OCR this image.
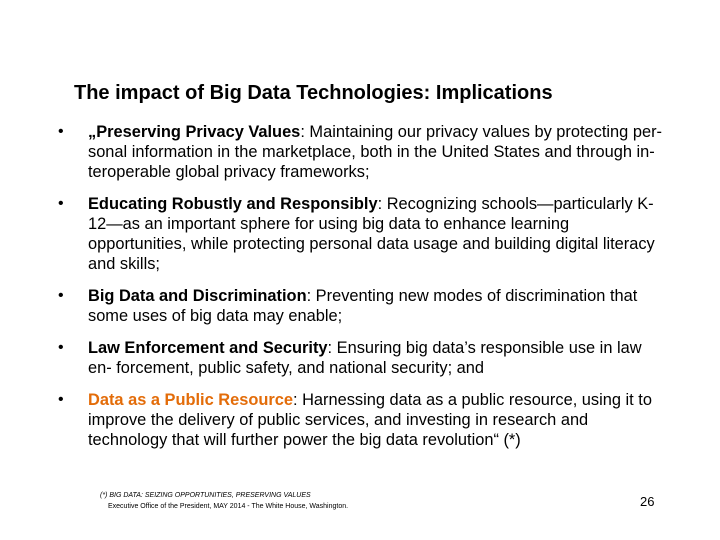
The impact of Big Data Technologies: Implications
• „Preserving Privacy Values: Maintaining our privacy values by protecting per- sonal information in the marketplace, both in the United States and through in- teroperable global privacy frameworks;
• Educating Robustly and Responsibly: Recognizing schools—particularly K- 12—as an important sphere for using big data to enhance learning opportunities, while protecting personal data usage and building digital literacy and skills;
• Big Data and Discrimination: Preventing new modes of discrimination that some uses of big data may enable;
• Law Enforcement and Security: Ensuring big data’s responsible use in law en- forcement, public safety, and national security; and
• Data as a Public Resource: Harnessing data as a public resource, using it to improve the delivery of public services, and investing in research and technology that will further power the big data revolution“ (*)
(*) BIG DATA: SEIZING OPPORTUNITIES, PRESERVING VALUES
Executive Office of the President, MAY 2014 - The White House, Washington.	26
